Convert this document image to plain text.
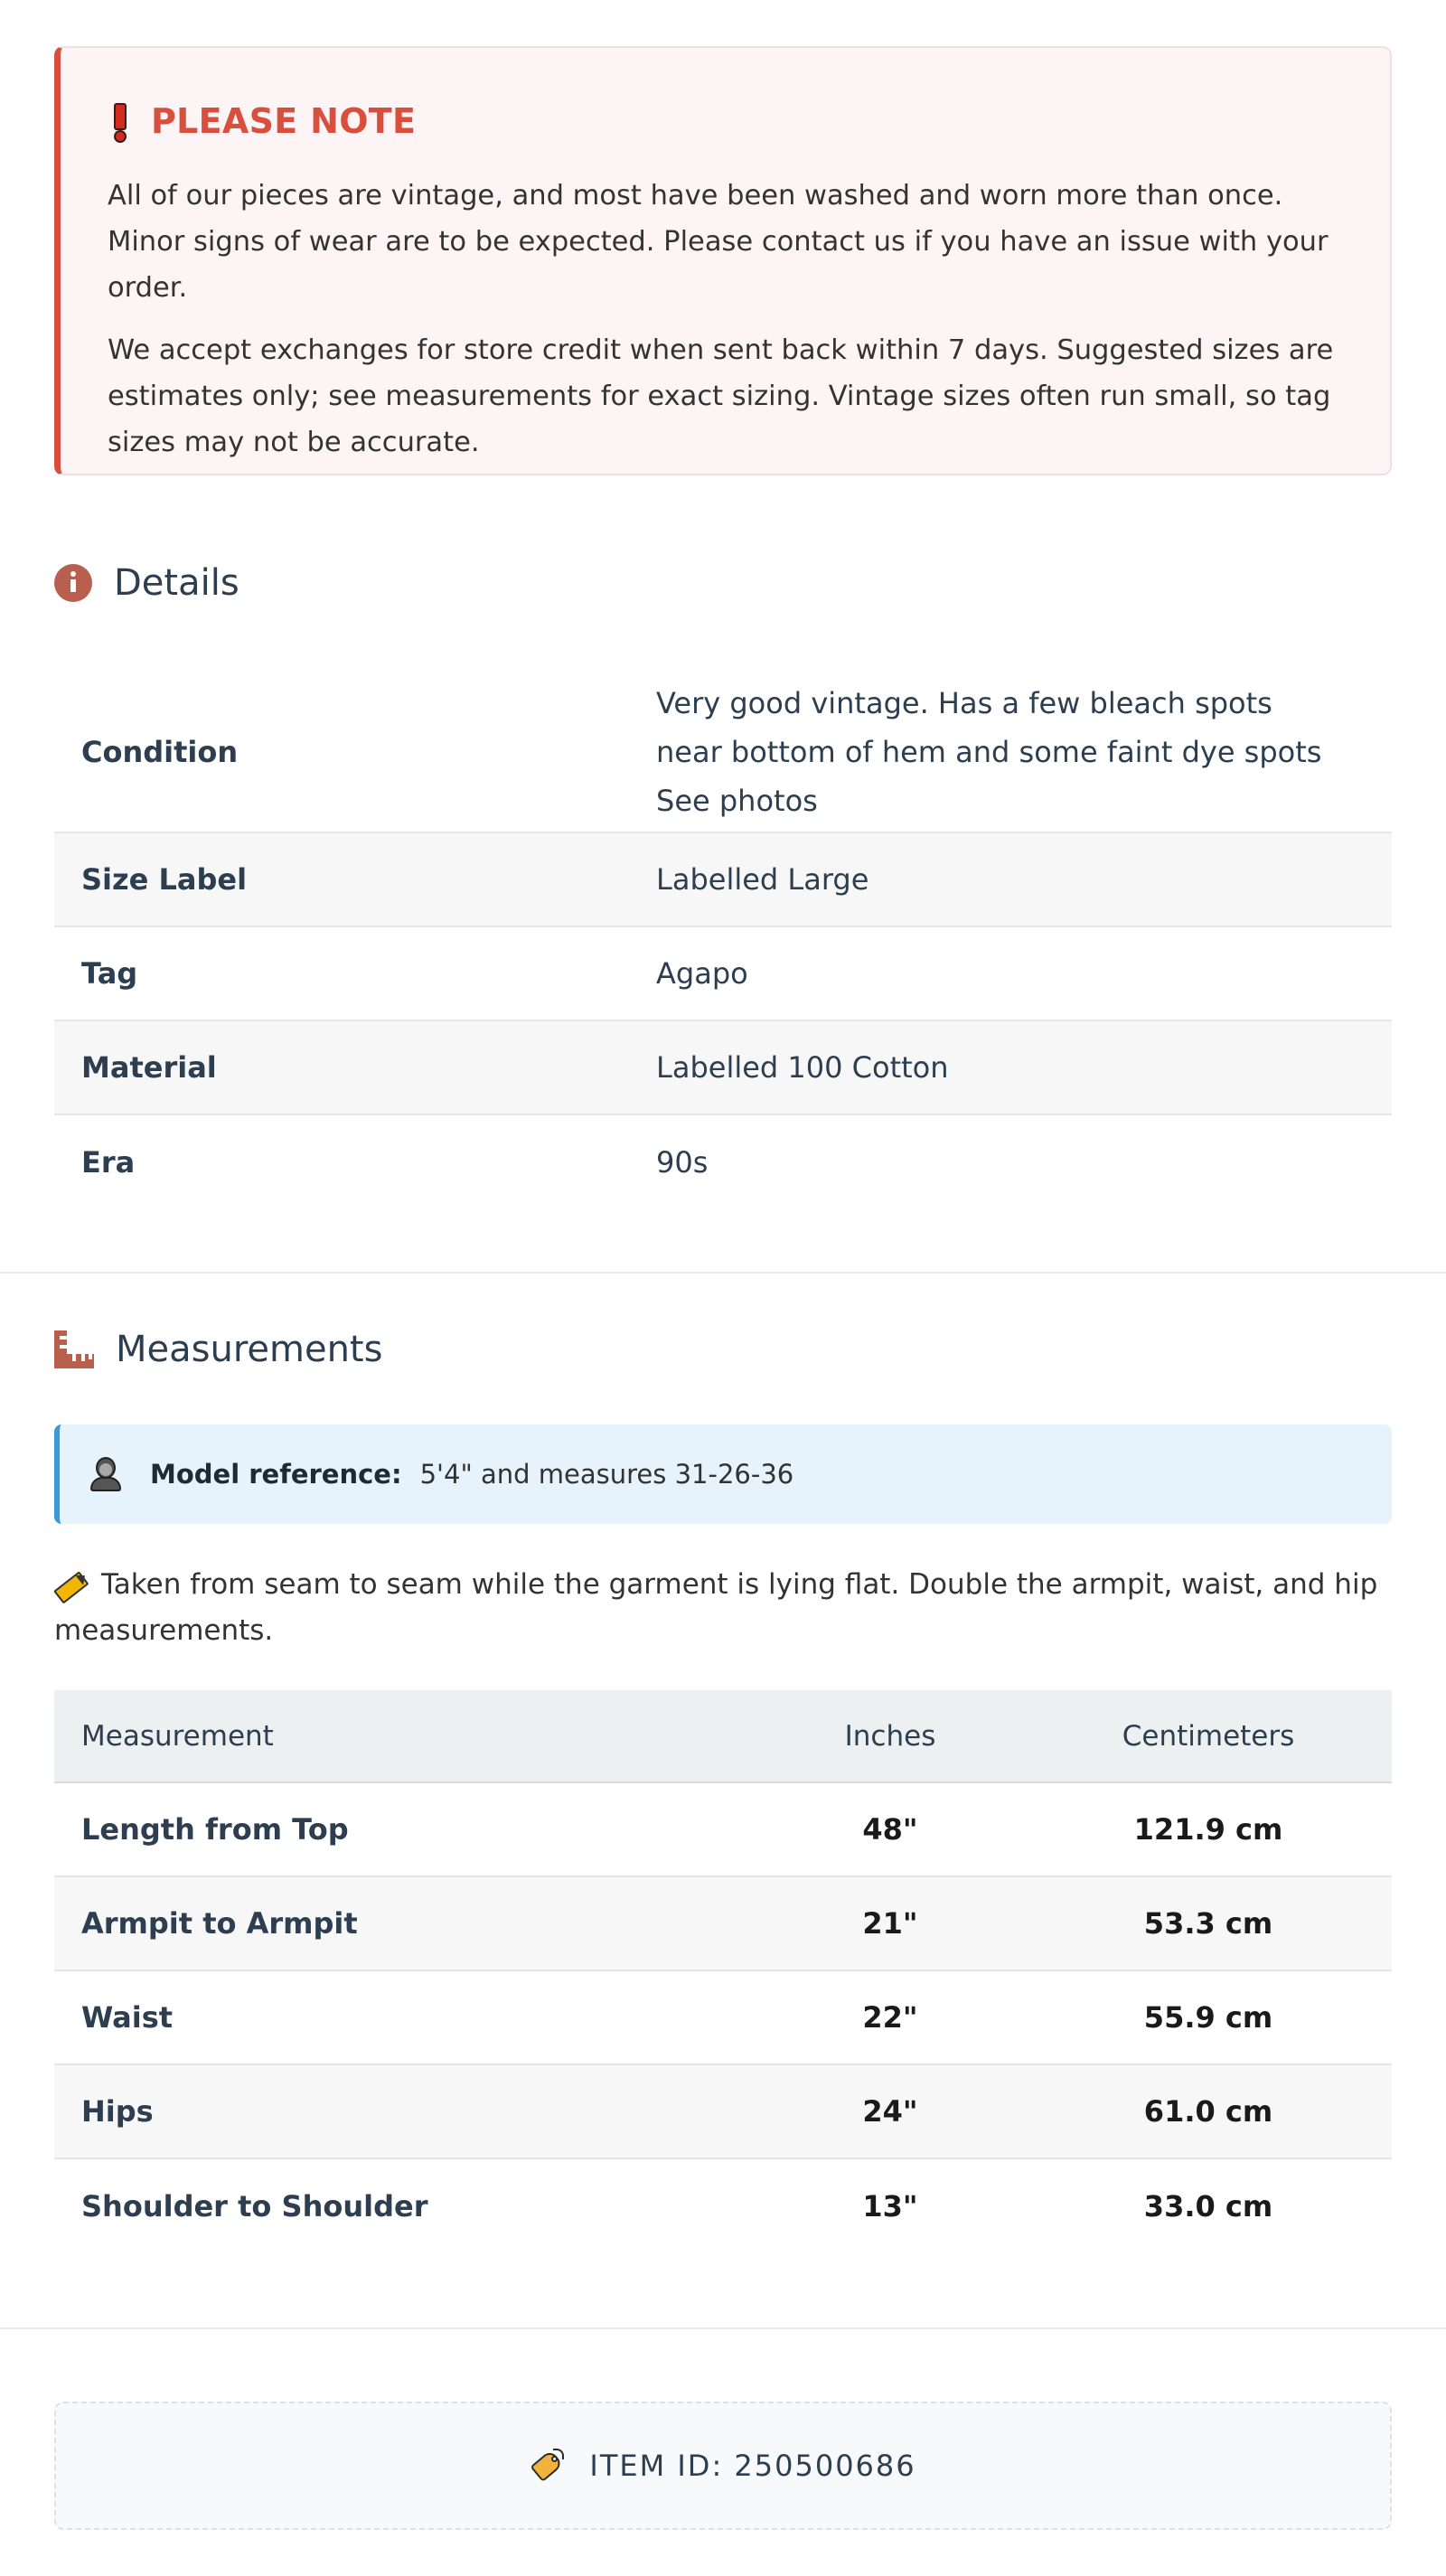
PLEASE NOTE

All of our pieces are vintage, and most have been washed and worn more than once. Minor signs of wear are to be expected. Please contact us if you have an issue with your order.

We accept exchanges for store credit when sent back within 7 days. Suggested sizes are estimates only; see measurements for exact sizing. Vintage sizes often run small, so tag sizes may not be accurate.

Details
Condition	Very good vintage. Has a few bleach spots near bottom of hem and some faint dye spots See photos
Size Label	Labelled Large
Tag	Agapo
Material	Labelled 100 Cotton
Era	90s
Measurements
Model reference: 5'4" and measures 31-26-36

Taken from seam to seam while the garment is lying flat. Double the armpit, waist, and hip measurements.

Measurement	Inches	Centimeters
Length from Top	48"	121.9 cm
Armpit to Armpit	21"	53.3 cm
Waist	22"	55.9 cm
Hips	24"	61.0 cm
Shoulder to Shoulder	13"	33.0 cm
ITEM ID: 250500686
